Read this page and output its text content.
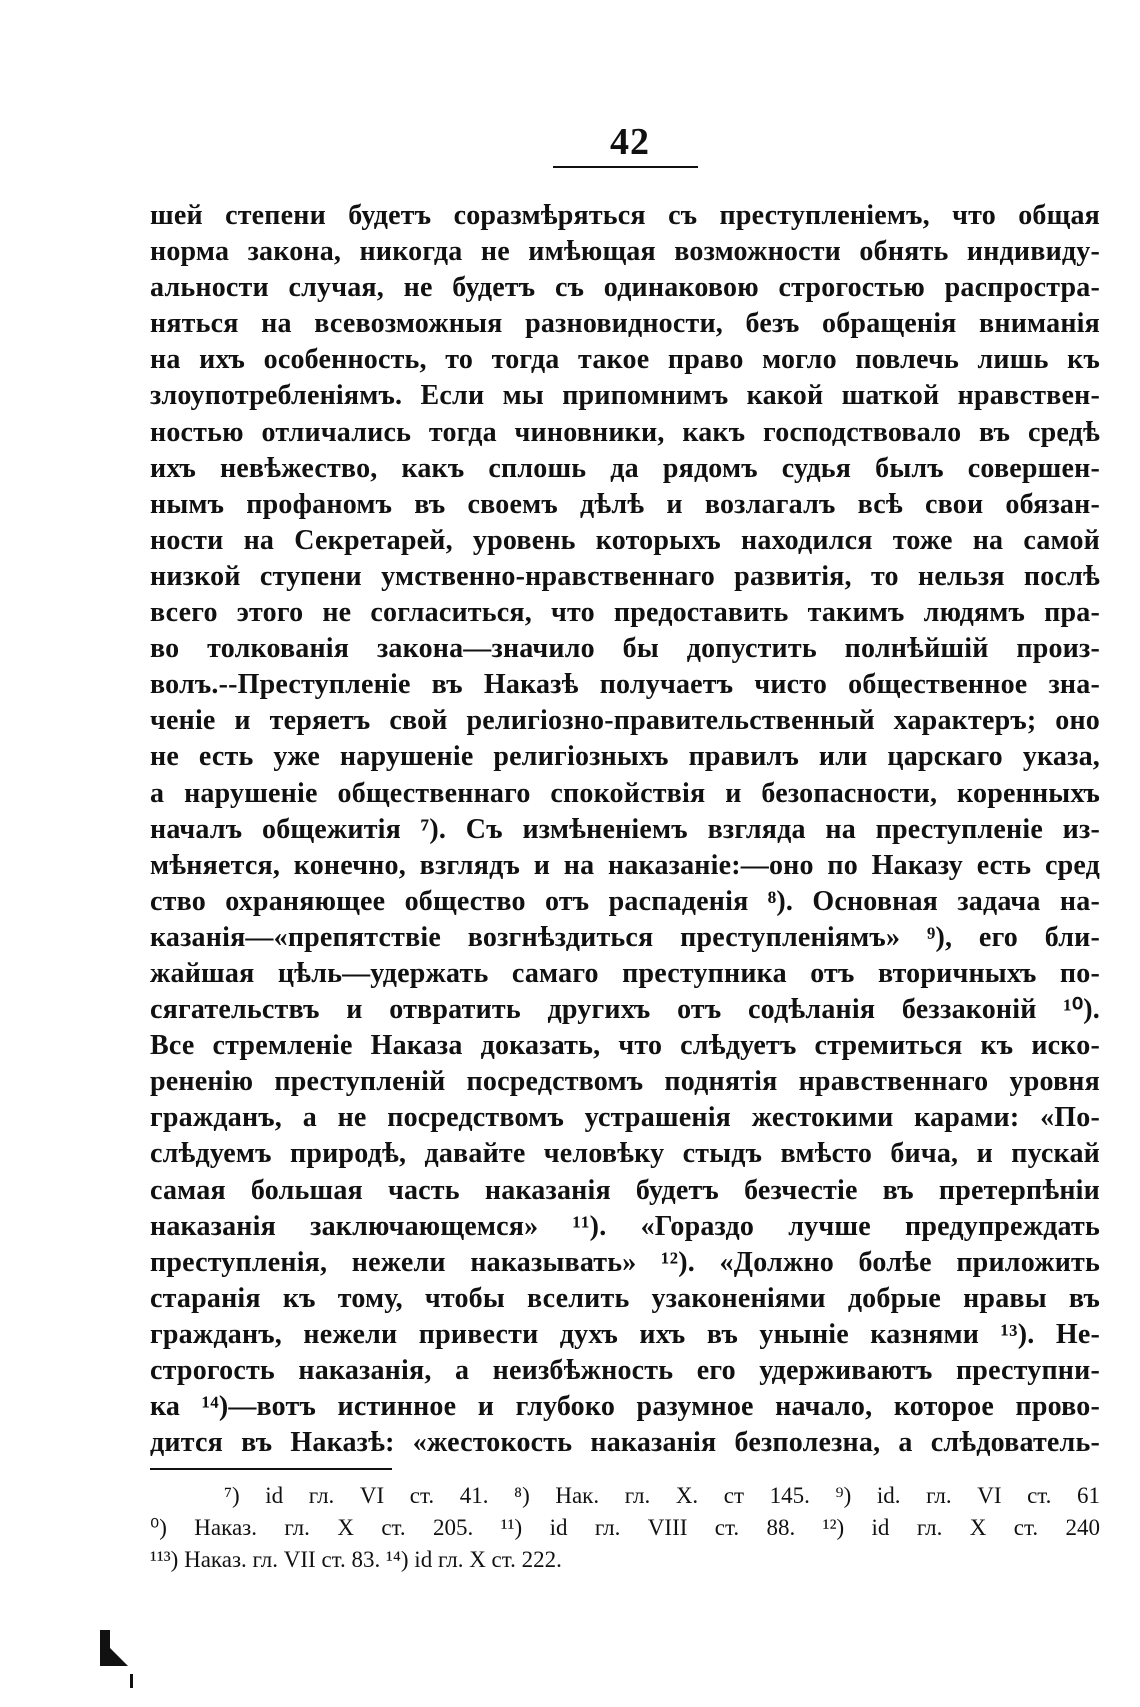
42
шей степени будетъ соразмѣряться съ преступленіемъ, что общая
норма закона, никогда не имѣющая возможности обнять индивиду-
альности случая, не будетъ съ одинаковою строгостью распростра-
няться на всевозможныя разновидности, безъ обращенія вниманія
на ихъ особенность, то тогда такое право могло повлечь лишь къ
злоупотребленіямъ. Если мы припомнимъ какой шаткой нравствен-
ностью отличались тогда чиновники, какъ господствовало въ средѣ
ихъ невѣжество, какъ сплошь да рядомъ судья былъ совершен-
нымъ профаномъ въ своемъ дѣлѣ и возлагалъ всѣ свои обязан-
ности на Секретарей, уровень которыхъ находился тоже на самой
низкой ступени умственно-нравственнаго развитія, то нельзя послѣ
всего этого не согласиться, что предоставить такимъ людямъ пра-
во толкованія закона—значило бы допустить полнѣйшій произ-
волъ.--Преступленіе въ Наказѣ получаетъ чисто общественное зна-
ченіе и теряетъ свой религіозно-правительственный характеръ; оно
не есть уже нарушеніе религіозныхъ правилъ или царскаго указа,
а нарушеніе общественнаго спокойствія и безопасности, коренныхъ
началъ общежитія ⁷). Съ измѣненіемъ взгляда на преступленіе из-
мѣняется, конечно, взглядъ и на наказаніе:—оно по Наказу есть сред
ство охраняющее общество отъ распаденія ⁸). Основная задача на-
казанія—«препятствіе возгнѣздиться преступленіямъ» ⁹), его бли-
жайшая цѣль—удержать самаго преступника отъ вторичныхъ по-
сягательствъ и отвратить другихъ отъ содѣланія беззаконій ¹⁰).
Все стремленіе Наказа доказать, что слѣдуетъ стремиться къ иско-
рененію преступленій посредствомъ поднятія нравственнаго уровня
гражданъ, а не посредствомъ устрашенія жестокими карами: «По-
слѣдуемъ природѣ, давайте человѣку стыдъ вмѣсто бича, и пускай
самая большая часть наказанія будетъ безчестіе въ претерпѣніи
наказанія заключающемся» ¹¹). «Гораздо лучше предупреждать
преступленія, нежели наказывать» ¹²). «Должно болѣе приложить
старанія къ тому, чтобы вселить узаконеніями добрые нравы въ
гражданъ, нежели привести духъ ихъ въ уныніе казнями ¹³). Не-
строгость наказанія, а неизбѣжность его удерживаютъ преступни-
ка ¹⁴)—вотъ истинное и глубоко разумное начало, которое прово-
дится въ Наказѣ: «жестокость наказанія безполезна, а слѣдователь-
⁷) id гл. VI ст. 41. ⁸) Нак. гл. X. ст 145. ⁹) id. гл. VI ст. 61
⁰) Наказ. гл. X ст. 205. ¹¹) id гл. VIII ст. 88. ¹²) id гл. X ст. 240
¹¹³) Наказ. гл. VII ст. 83. ¹⁴) id гл. X ст. 222.
